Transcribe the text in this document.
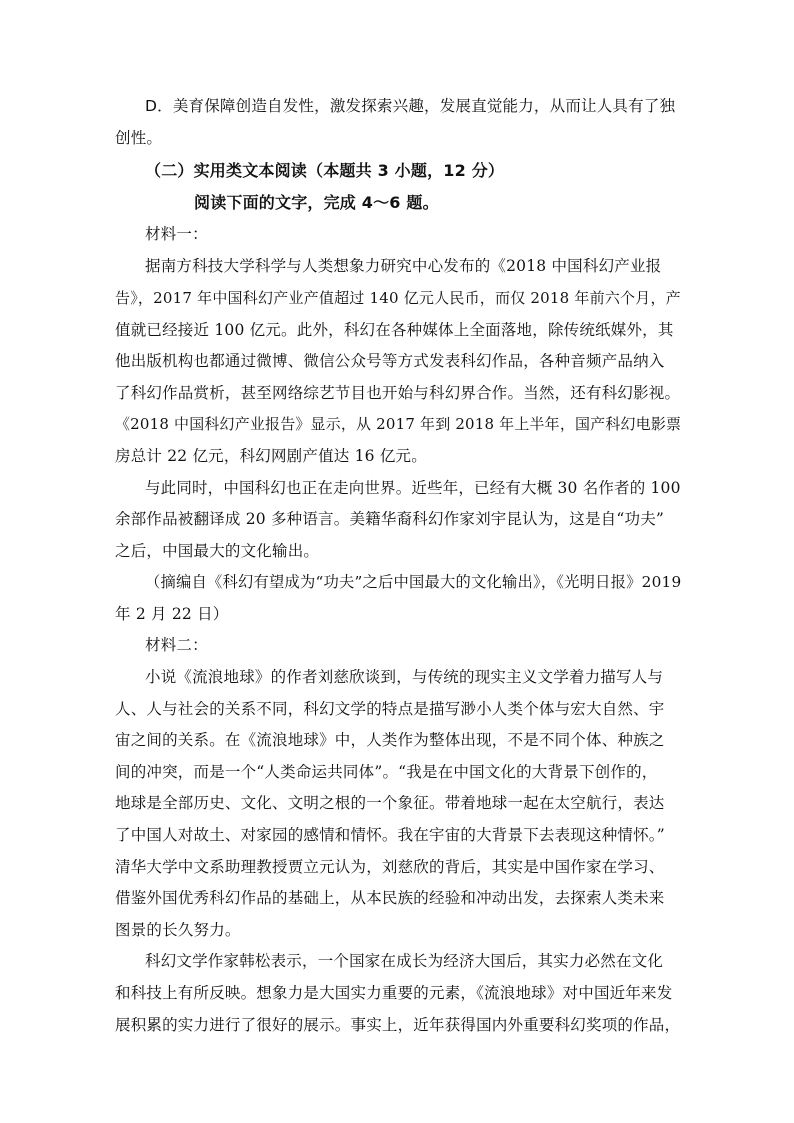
D．美育保障创造自发性，激发探索兴趣，发展直觉能力，从而让人具有了独
创性。
（二）实用类文本阅读（本题共 3 小题，12 分）
阅读下面的文字，完成 4～6 题。
材料一：
据南方科技大学科学与人类想象力研究中心发布的《2018 中国科幻产业报
告》，2017 年中国科幻产业产值超过 140 亿元人民币，而仅 2018 年前六个月，产
值就已经接近 100 亿元。此外，科幻在各种媒体上全面落地，除传统纸媒外，其
他出版机构也都通过微博、微信公众号等方式发表科幻作品，各种音频产品纳入
了科幻作品赏析，甚至网络综艺节目也开始与科幻界合作。当然，还有科幻影视。
《2018 中国科幻产业报告》显示，从 2017 年到 2018 年上半年，国产科幻电影票
房总计 22 亿元，科幻网剧产值达 16 亿元。
与此同时，中国科幻也正在走向世界。近些年，已经有大概 30 名作者的 100
余部作品被翻译成 20 多种语言。美籍华裔科幻作家刘宇昆认为，这是自“功夫”
之后，中国最大的文化输出。
（摘编自《科幻有望成为“功夫”之后中国最大的文化输出》，《光明日报》2019
年 2 月 22 日）
材料二：
小说《流浪地球》的作者刘慈欣谈到，与传统的现实主义文学着力描写人与
人、人与社会的关系不同，科幻文学的特点是描写渺小人类个体与宏大自然、宇
宙之间的关系。在《流浪地球》中，人类作为整体出现，不是不同个体、种族之
间的冲突，而是一个“人类命运共同体”。“我是在中国文化的大背景下创作的，
地球是全部历史、文化、文明之根的一个象征。带着地球一起在太空航行，表达
了中国人对故土、对家园的感情和情怀。我在宇宙的大背景下去表现这种情怀。”
清华大学中文系助理教授贾立元认为，刘慈欣的背后，其实是中国作家在学习、
借鉴外国优秀科幻作品的基础上，从本民族的经验和冲动出发，去探索人类未来
图景的长久努力。
科幻文学作家韩松表示，一个国家在成长为经济大国后，其实力必然在文化
和科技上有所反映。想象力是大国实力重要的元素，《流浪地球》对中国近年来发
展积累的实力进行了很好的展示。事实上，近年获得国内外重要科幻奖项的作品，
